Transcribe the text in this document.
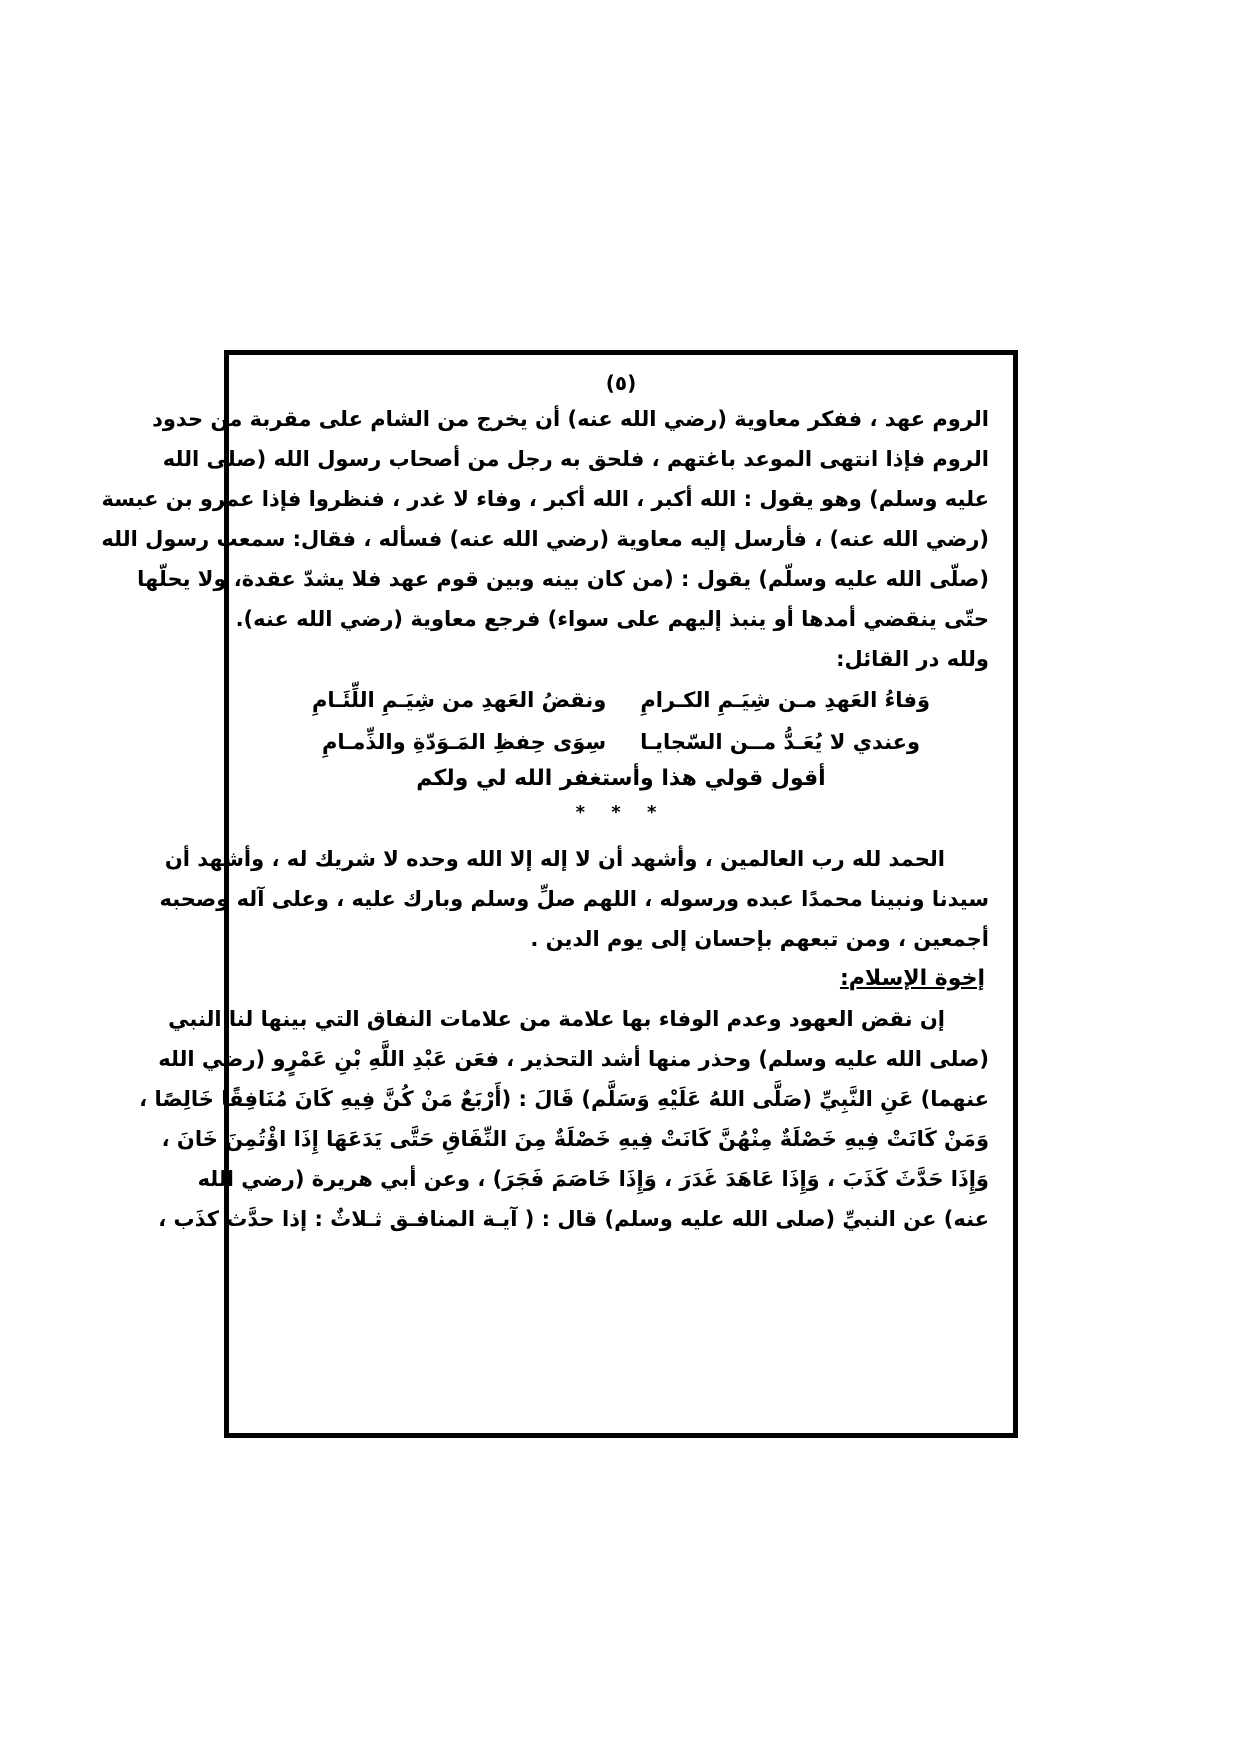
(٥)
الروم عهد ، ففكر معاوية (رضي الله عنه) أن يخرج من الشام على مقربة من حدود
الروم فإذا انتهى الموعد باغتهم ، فلحق به رجل من أصحاب رسول الله (صلى الله
عليه وسلم) وهو يقول : الله أكبر ، الله أكبر ، وفاء لا غدر ، فنظروا فإذا عمرو بن عبسة
(رضي الله عنه) ، فأرسل إليه معاوية (رضي الله عنه) فسأله ، فقال: سمعت رسول الله
(صلّى الله عليه وسلّم) يقول : (من كان بينه وبين قوم عهد فلا يشدّ عقدة، ولا يحلّها
حتّى ينقضي أمدها أو ينبذ إليهم على سواء) فرجع معاوية (رضي الله عنه).
ولله در القائل:
وَفاءُ العَهدِ مـن شِيَـمِ الكـرامِ
ونقضُ العَهدِ من شِيَـمِ اللِّئَـامِ
وعندي لا يُعَـدُّ مــن السّجايـا
سِوَى حِفظِ المَـوَدّةِ والذِّمـامِ
أقول قولي هذا وأستغفر الله لي ولكم
* * *
الحمد لله رب العالمين ، وأشهد أن لا إله إلا الله وحده لا شريك له ، وأشهد أن
سيدنا ونبينا محمدًا عبده ورسوله ، اللهم صلِّ وسلم وبارك عليه ، وعلى آله وصحبه
أجمعين ، ومن تبعهم بإحسان إلى يوم الدين .
إخوة الإسلام:
إن نقض العهود وعدم الوفاء بها علامة من علامات النفاق التي بينها لنا النبي
(صلى الله عليه وسلم) وحذر منها أشد التحذير ، فعَن عَبْدِ اللَّهِ بْنِ عَمْرٍو (رضي الله
عنهما) عَنِ النَّبِيِّ (صَلَّى اللهُ عَلَيْهِ وَسَلَّم) قَالَ : (أَرْبَعٌ مَنْ كُنَّ فِيهِ كَانَ مُنَافِقًا خَالِصًا ،
وَمَنْ كَانَتْ فِيهِ خَصْلَةٌ مِنْهُنَّ كَانَتْ فِيهِ خَصْلَةٌ مِنَ النِّفَاقِ حَتَّى يَدَعَهَا إِذَا اؤْتُمِنَ خَانَ ،
وَإِذَا حَدَّثَ كَذَبَ ، وَإِذَا عَاهَدَ غَدَرَ ، وَإِذَا خَاصَمَ فَجَرَ) ، وعن أبي هريرة (رضي الله
عنه) عن النبيِّ (صلى الله عليه وسلم) قال : ( آيـة المنافـق ثـلاثٌ : إذا حدَّث كذَب ،
